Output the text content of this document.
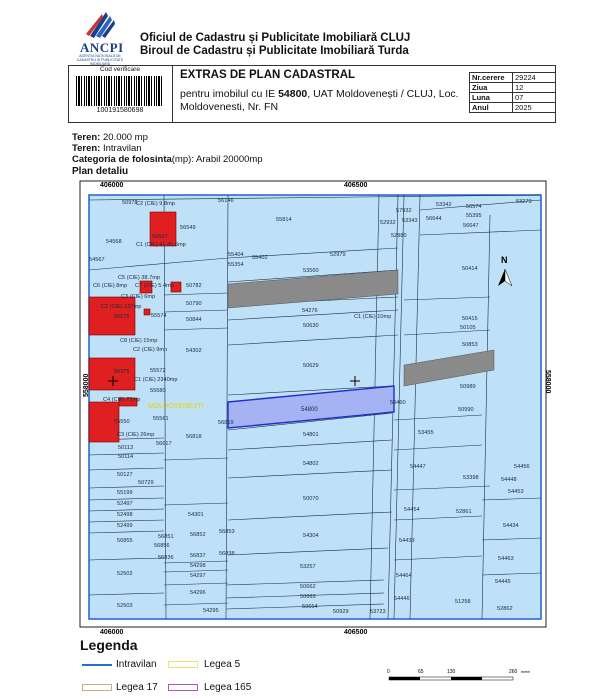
ANCPI
AGENȚIA NAȚIONALĂ DE CADASTRU ȘI PUBLICITATE IMOBILIARĂ
Oficiul de Cadastru și Publicitate Imobiliară CLUJ
Biroul de Cadastru și Publicitate Imobiliară Turda
Cod verificare
100191580698
EXTRAS DE PLAN CADASTRAL
pentru imobilul cu IE 54800, UAT Moldovenești / CLUJ, Loc. Moldovenesti, Nr. FN
Nr.cerere	29224
Ziua	12
Luna	07
Anul	2025
Teren: 20.000 mp
Teren: Intravilan
Categoria de folosinta(mp): Arabil 20000mp
Plan detaliu
N
MOLDOVENESTI
406000	406500
406000	406500
558000	558000
50978
C2 (CIE) 9.8mp	56146
56549
56567
54568	C1 (CIE) 41.45.6mp
55814
57932
53342	56574
53279
52932 53343 56644	55395
56647
52980
54567
55404
55354
55402	52979
53560	50414
C5 (CIE) 38.7mp
C6 (CIE) 8mp C7 (CIE) 5.4mp 50782
C3 (CIE) 6mp
50790
C2 (CIE) 137mp
55575	55574
50844
54276
C1 (CIE) 10mp
50630
50415
50105
C8 (CIE) 15mp
50853
C2 (CIE) 9mp	54302
50629
56375	55572
C1 (CIE) 2340mp
50989
55580
C4 (CIE) 72mp	50460
50990
55561
55550	56819
C3 (CIE) 26mp	56818	54801	53455
50113
56617
50114
54802	54447	54456
50127	53398	54448
50729
55199	54453
52497
50070
54454
52498	52861
54301
52499	54434
56853
56852
56851	54304
56855	54433
56856
56838
56837
56836	54463
54298	53257
52502	54297	54464
54445
50662
54296
50663	54446	51258
52503	50664	52862
54295	50929	53723
54800
Legenda
Intravilan	Legea 5
Legea 17	Legea 165
0	65	130	260 metri
